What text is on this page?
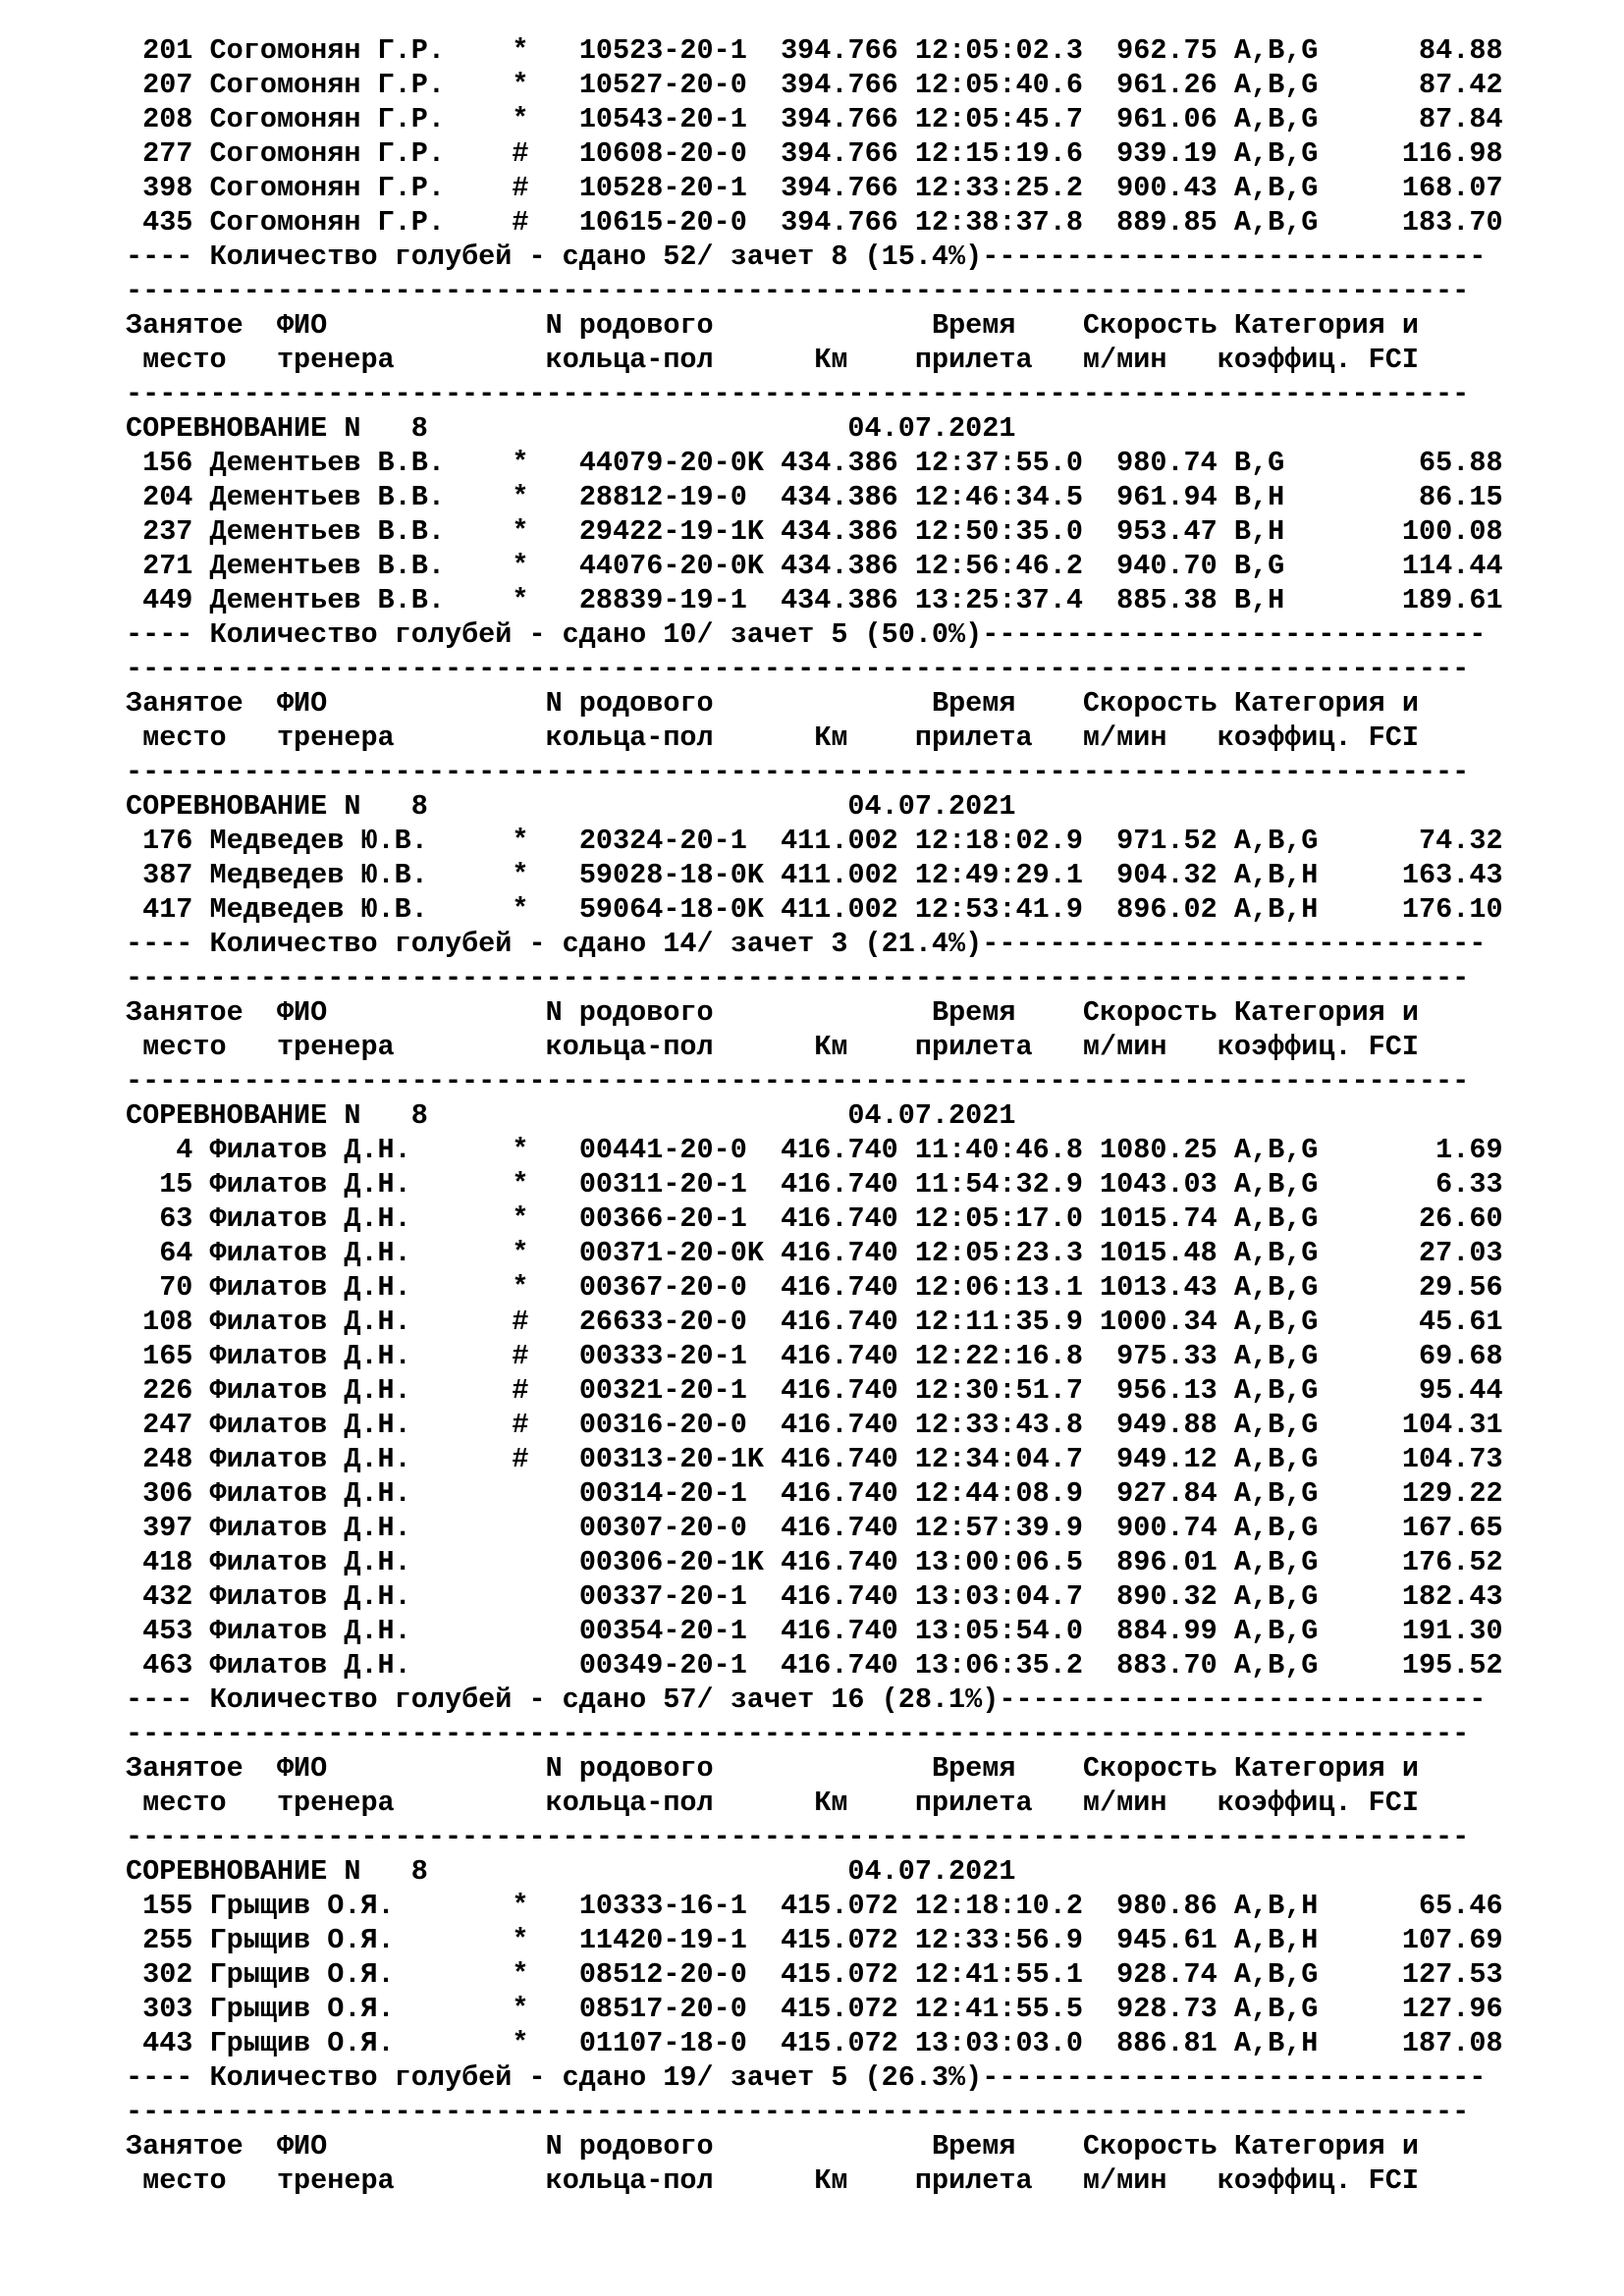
201 Согомонян Г.Р.    * 10523-20-1  394.766 12:05:02.3  962.75 A,B,G      84.88
207 Согомонян Г.Р.    * 10527-20-0  394.766 12:05:40.6  961.26 A,B,G      87.42
208 Согомонян Г.Р.    * 10543-20-1  394.766 12:05:45.7  961.06 A,B,G      87.84
277 Согомонян Г.Р.    # 10608-20-0  394.766 12:15:19.6  939.19 A,B,G     116.98
398 Согомонян Г.Р.    # 10528-20-1  394.766 12:33:25.2  900.43 A,B,G     168.07
435 Согомонян Г.Р.    # 10615-20-0  394.766 12:38:37.8  889.85 A,B,G     183.70
---- Количество голубей - сдано 52/ зачет 8 (15.4%)------------------------------
--------------------------------------------------------------------------------
Занятое  ФИО             N родового             Время    Скорость Категория и
место   тренера         кольца-пол      Км    прилета   м/мин   коэффиц. FCI
--------------------------------------------------------------------------------
СОРЕВНОВАНИЕ N   8                         04.07.2021
156 Дементьев В.В.    * 44079-20-0K 434.386 12:37:55.0  980.74 B,G        65.88
204 Дементьев В.В.    * 28812-19-0  434.386 12:46:34.5  961.94 B,H        86.15
237 Дементьев В.В.    * 29422-19-1K 434.386 12:50:35.0  953.47 B,H       100.08
271 Дементьев В.В.    * 44076-20-0K 434.386 12:56:46.2  940.70 B,G       114.44
449 Дементьев В.В.    * 28839-19-1  434.386 13:25:37.4  885.38 B,H       189.61
---- Количество голубей - сдано 10/ зачет 5 (50.0%)------------------------------
--------------------------------------------------------------------------------
Занятое  ФИО             N родового             Время    Скорость Категория и
место   тренера         кольца-пол      Км    прилета   м/мин   коэффиц. FCI
--------------------------------------------------------------------------------
СОРЕВНОВАНИЕ N   8                         04.07.2021
176 Медведев Ю.В.     * 20324-20-1  411.002 12:18:02.9  971.52 A,B,G      74.32
387 Медведев Ю.В.     * 59028-18-0K 411.002 12:49:29.1  904.32 A,B,H     163.43
417 Медведев Ю.В.     * 59064-18-0K 411.002 12:53:41.9  896.02 A,B,H     176.10
---- Количество голубей - сдано 14/ зачет 3 (21.4%)------------------------------
--------------------------------------------------------------------------------
Занятое  ФИО             N родового             Время    Скорость Категория и
место   тренера         кольца-пол      Км    прилета   м/мин   коэффиц. FCI
--------------------------------------------------------------------------------
СОРЕВНОВАНИЕ N   8                         04.07.2021
4 Филатов Д.Н.      * 00441-20-0  416.740 11:40:46.8 1080.25 A,B,G       1.69
15 Филатов Д.Н.      * 00311-20-1  416.740 11:54:32.9 1043.03 A,B,G       6.33
63 Филатов Д.Н.      * 00366-20-1  416.740 12:05:17.0 1015.74 A,B,G      26.60
64 Филатов Д.Н.      * 00371-20-0K 416.740 12:05:23.3 1015.48 A,B,G      27.03
70 Филатов Д.Н.      * 00367-20-0  416.740 12:06:13.1 1013.43 A,B,G      29.56
108 Филатов Д.Н.      # 26633-20-0  416.740 12:11:35.9 1000.34 A,B,G      45.61
165 Филатов Д.Н.      # 00333-20-1  416.740 12:22:16.8  975.33 A,B,G      69.68
226 Филатов Д.Н.      # 00321-20-1  416.740 12:30:51.7  956.13 A,B,G      95.44
247 Филатов Д.Н.      # 00316-20-0  416.740 12:33:43.8  949.88 A,B,G     104.31
248 Филатов Д.Н.      # 00313-20-1K 416.740 12:34:04.7  949.12 A,B,G     104.73
306 Филатов Д.Н.	00314-20-1  416.740 12:44:08.9  927.84 A,B,G     129.22
397 Филатов Д.Н.	00307-20-0  416.740 12:57:39.9  900.74 A,B,G     167.65
418 Филатов Д.Н.	00306-20-1K 416.740 13:00:06.5  896.01 A,B,G     176.52
432 Филатов Д.Н.	00337-20-1  416.740 13:03:04.7  890.32 A,B,G     182.43
453 Филатов Д.Н.	00354-20-1  416.740 13:05:54.0  884.99 A,B,G     191.30
463 Филатов Д.Н.	00349-20-1  416.740 13:06:35.2  883.70 A,B,G     195.52
---- Количество голубей - сдано 57/ зачет 16 (28.1%)-----------------------------
--------------------------------------------------------------------------------
Занятое  ФИО             N родового             Время    Скорость Категория и
место   тренера         кольца-пол      Км    прилета   м/мин   коэффиц. FCI
--------------------------------------------------------------------------------
СОРЕВНОВАНИЕ N   8                         04.07.2021
155 Грыщив О.Я.       * 10333-16-1  415.072 12:18:10.2  980.86 A,B,H      65.46
255 Грыщив О.Я.       * 11420-19-1  415.072 12:33:56.9  945.61 A,B,H     107.69
302 Грыщив О.Я.       * 08512-20-0  415.072 12:41:55.1  928.74 A,B,G     127.53
303 Грыщив О.Я.       * 08517-20-0  415.072 12:41:55.5  928.73 A,B,G     127.96
443 Грыщив О.Я.       * 01107-18-0  415.072 13:03:03.0  886.81 A,B,H     187.08
---- Количество голубей - сдано 19/ зачет 5 (26.3%)------------------------------
--------------------------------------------------------------------------------
Занятое  ФИО             N родового             Время    Скорость Категория и
место   тренера         кольца-пол      Км    прилета   м/мин   коэффиц. FCI
